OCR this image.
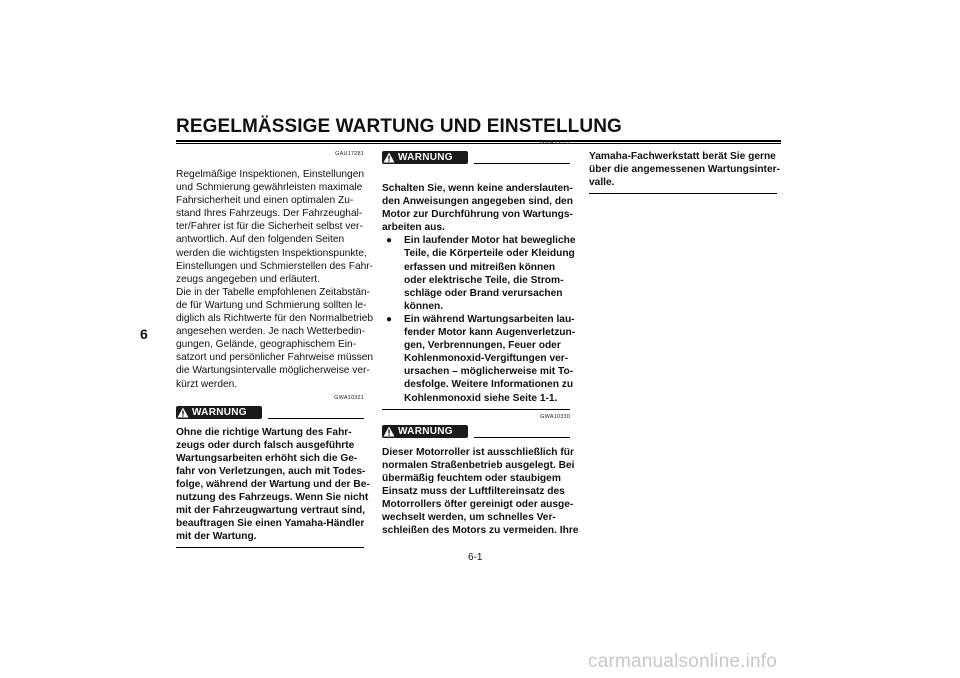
REGELMÄSSIGE WARTUNG UND EINSTELLUNG
6
GAU17281
Regelmäßige Inspektionen, Einstellungen
und Schmierung gewährleisten maximale
Fahrsicherheit und einen optimalen Zu-
stand Ihres Fahrzeugs. Der Fahrzeughal-
ter/Fahrer ist für die Sicherheit selbst ver-
antwortlich. Auf den folgenden Seiten
werden die wichtigsten Inspektionspunkte,
Einstellungen und Schmierstellen des Fahr-
zeugs angegeben und erläutert.
Die in der Tabelle empfohlenen Zeitabstän-
de für Wartung und Schmierung sollten le-
diglich als Richtwerte für den Normalbetrieb
angesehen werden. Je nach Wetterbedin-
gungen, Gelände, geographischem Ein-
satzort und persönlicher Fahrweise müssen
die Wartungsintervalle möglicherweise ver-
kürzt werden.
GWA10321
WARNUNG
Ohne die richtige Wartung des Fahr-
zeugs oder durch falsch ausgeführte
Wartungsarbeiten erhöht sich die Ge-
fahr von Verletzungen, auch mit Todes-
folge, während der Wartung und der Be-
nutzung des Fahrzeugs. Wenn Sie nicht
mit der Fahrzeugwartung vertraut sind,
beauftragen Sie einen Yamaha-Händler
mit der Wartung.
GWA15121
WARNUNG
Schalten Sie, wenn keine anderslauten-
den Anweisungen angegeben sind, den
Motor zur Durchführung von Wartungs-
arbeiten aus.
●	Ein laufender Motor hat bewegliche
Teile, die Körperteile oder Kleidung
erfassen und mitreißen können
oder elektrische Teile, die Strom-
schläge oder Brand verursachen
können.
●	Ein während Wartungsarbeiten lau-
fender Motor kann Augenverletzun-
gen, Verbrennungen, Feuer oder
Kohlenmonoxid-Vergiftungen ver-
ursachen – möglicherweise mit To-
desfolge. Weitere Informationen zu
Kohlenmonoxid siehe Seite 1-1.
GWA10330
WARNUNG
Dieser Motorroller ist ausschließlich für
normalen Straßenbetrieb ausgelegt. Bei
übermäßig feuchtem oder staubigem
Einsatz muss der Luftfiltereinsatz des
Motorrollers öfter gereinigt oder ausge-
wechselt werden, um schnelles Ver-
schleißen des Motors zu vermeiden. Ihre
Yamaha-Fachwerkstatt berät Sie gerne
über die angemessenen Wartungsinter-
valle.
6-1
carmanualsonline.info
